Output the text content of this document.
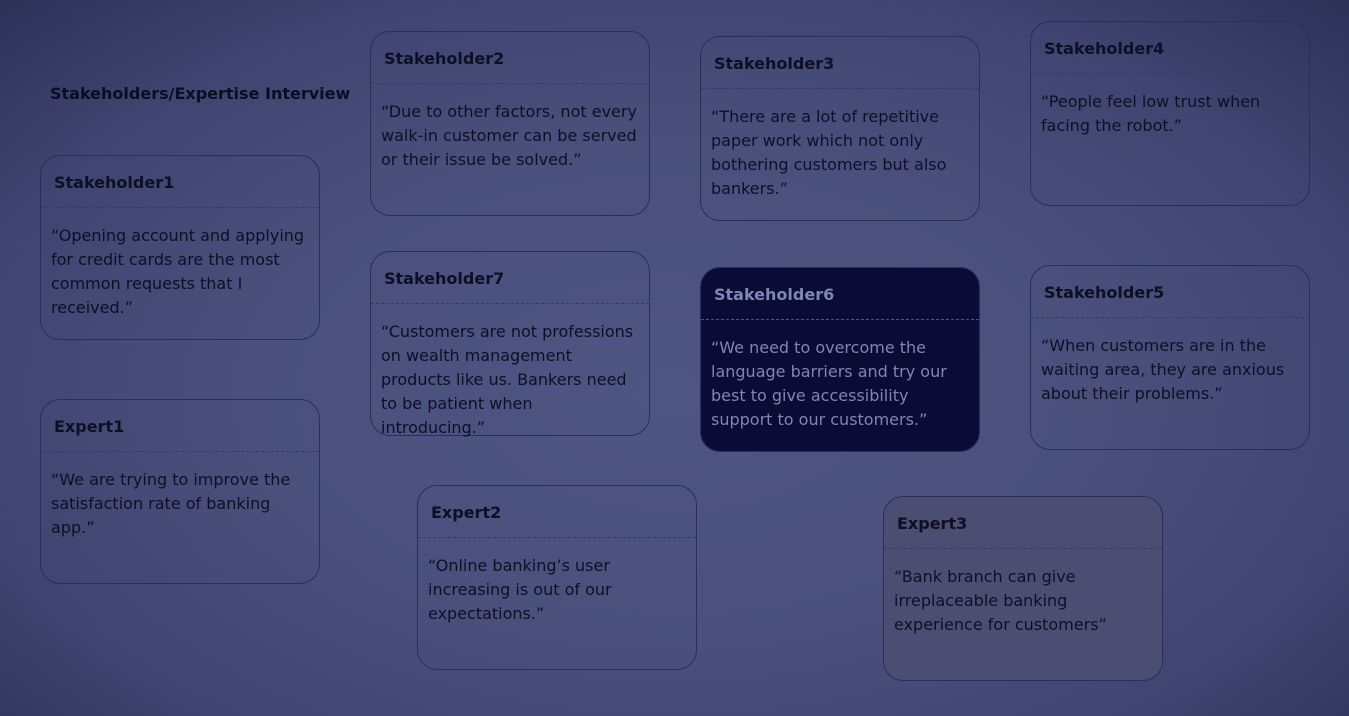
Stakeholders/Expertise Interview
Stakeholder1
“Opening account and applying for credit cards are the most common requests that I received.”
Expert1
“We are trying to improve the satisfaction rate of banking app.”
Stakeholder2
“Due to other factors, not every walk-in customer can be served or their issue be solved.”
Stakeholder7
“Customers are not professions on wealth management products like us. Bankers need to be patient when introducing.”
Expert2
“Online banking’s user increasing is out of our expectations.”
Stakeholder3
“There are a lot of repetitive paper work which not only bothering customers but also bankers.”
Stakeholder6
“We need to overcome the language barriers and try our best to give accessibility support to our customers.”
Expert3
“Bank branch can give irreplaceable banking experience for customers”
Stakeholder4
“People feel low trust when facing the robot.”
Stakeholder5
“When customers are in the waiting area, they are anxious about their problems.”
